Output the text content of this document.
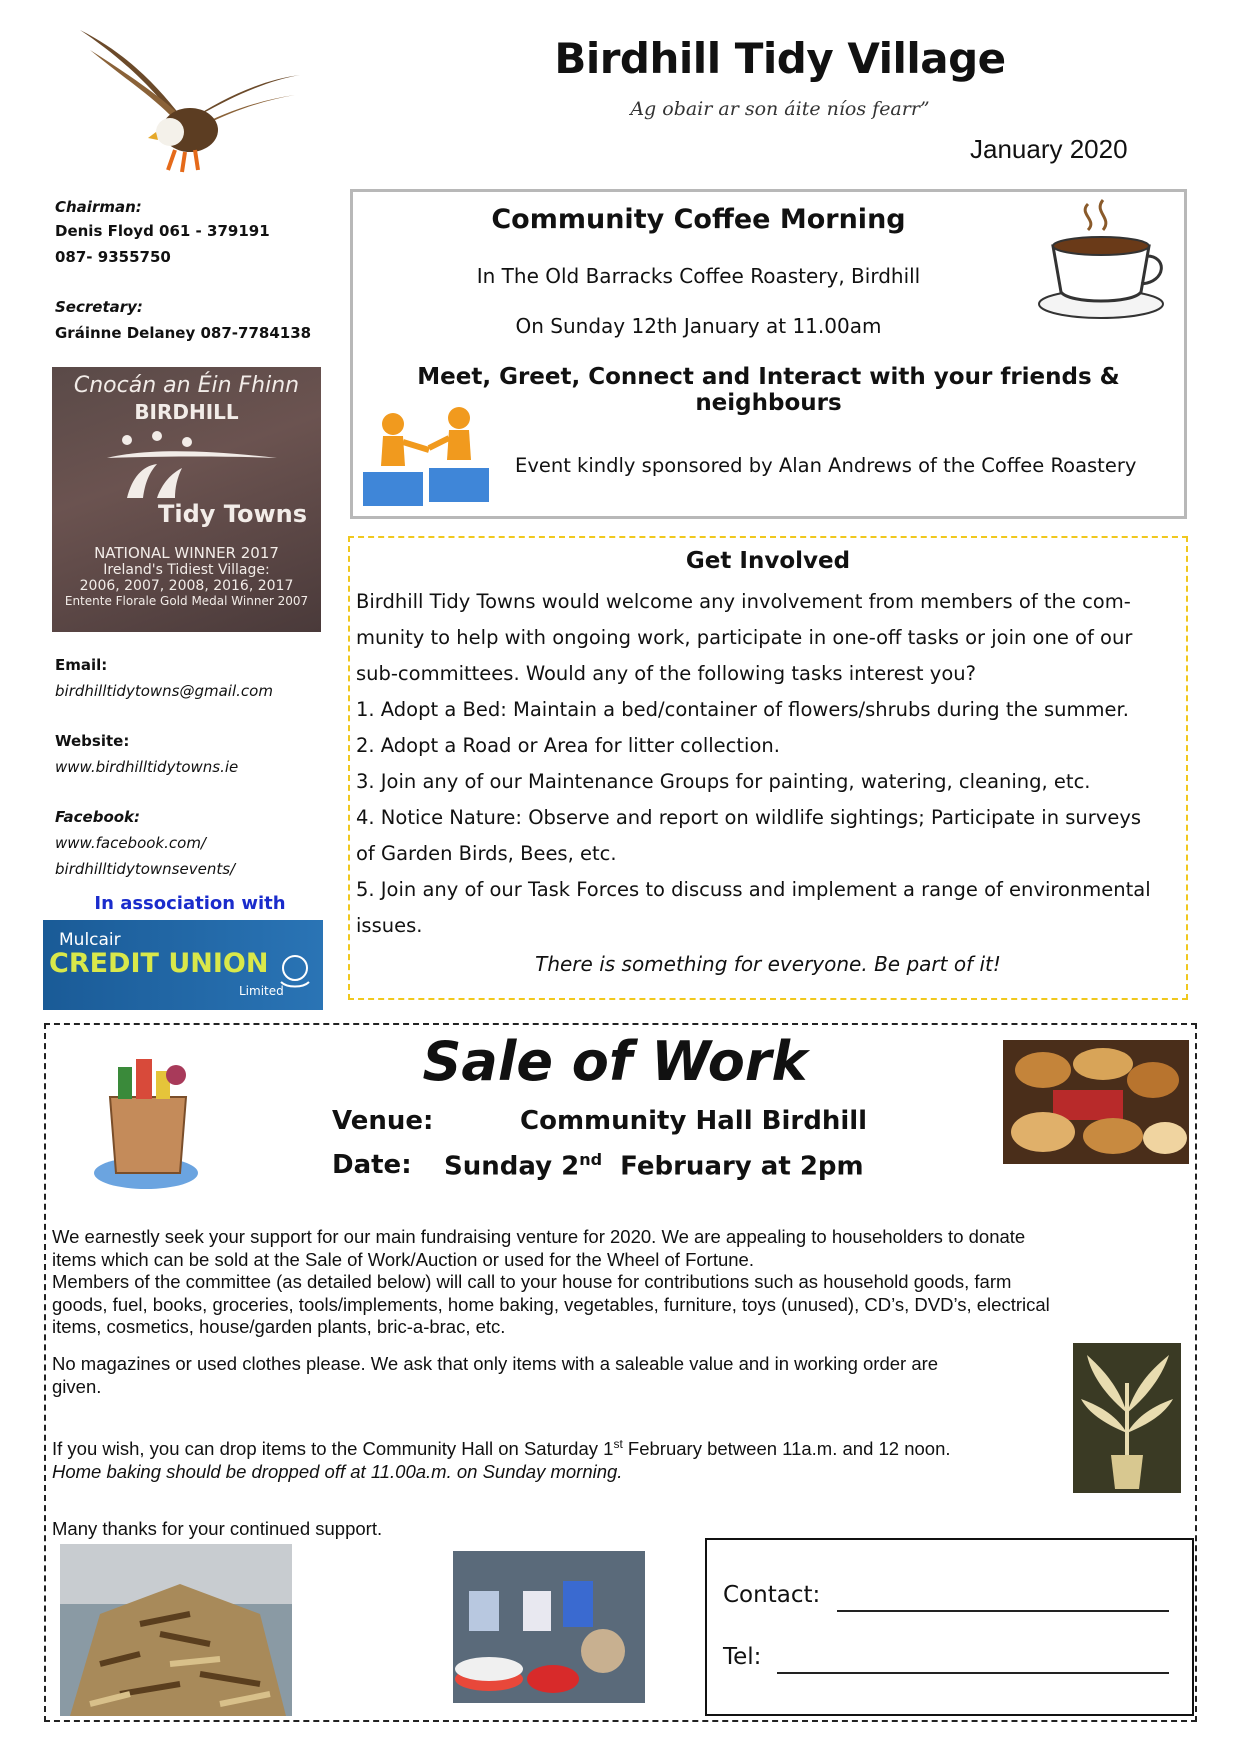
Birdhill Tidy Village
Ag obair ar son áite níos fearr”
January 2020
Chairman:
Denis Floyd 061 - 379191
087- 9355750
Secretary:
Gráinne Delaney 087-7784138
Cnocán an Éin Fhinn
BIRDHILL
Tidy Towns
NATIONAL WINNER 2017
Ireland's Tidiest Village:
2006, 2007, 2008, 2016, 2017
Entente Florale Gold Medal Winner 2007
Email:
birdhilltidytowns@gmail.com
Website:
www.birdhilltidytowns.ie
Facebook:
www.facebook.com/
birdhilltidytownsevents/
In association with
Mulcair
CREDIT UNION
Limited
Community Coffee Morning
In The Old Barracks Coffee Roastery, Birdhill
On Sunday 12th January at 11.00am
Meet, Greet, Connect and Interact with your friends & neighbours
Event kindly sponsored by Alan Andrews of the Coffee Roastery
Get Involved
Birdhill Tidy Towns would welcome any involvement from members of the com-
munity to help with ongoing work, participate in one-off tasks or join one of our
sub-committees. Would any of the following tasks interest you?
1. Adopt a Bed: Maintain a bed/container of flowers/shrubs during the summer.
2. Adopt a Road or Area for litter collection.
3. Join any of our Maintenance Groups for painting, watering, cleaning, etc.
4. Notice Nature: Observe and report on wildlife sightings; Participate in surveys
of Garden Birds, Bees, etc.
5. Join any of our Task Forces to discuss and implement a range of environmental
issues.
There is something for everyone. Be part of it!
Sale of Work
Venue:	Community Hall Birdhill
Date: Sunday 2nd February at 2pm
We earnestly seek your support for our main fundraising venture for 2020. We are appealing to householders to donate
items which can be sold at the Sale of Work/Auction or used for the Wheel of Fortune.
Members of the committee (as detailed below) will call to your house for contributions such as household goods, farm
goods, fuel, books, groceries, tools/implements, home baking, vegetables, furniture, toys (unused), CD’s, DVD’s, electrical
items, cosmetics, house/garden plants, bric-a-brac, etc.
No magazines or used clothes please. We ask that only items with a saleable value and in working order are
given.
If you wish, you can drop items to the Community Hall on Saturday 1st February between 11a.m. and 12 noon.
Home baking should be dropped off at 11.00a.m. on Sunday morning.
Many thanks for your continued support.
Contact:
Tel:
